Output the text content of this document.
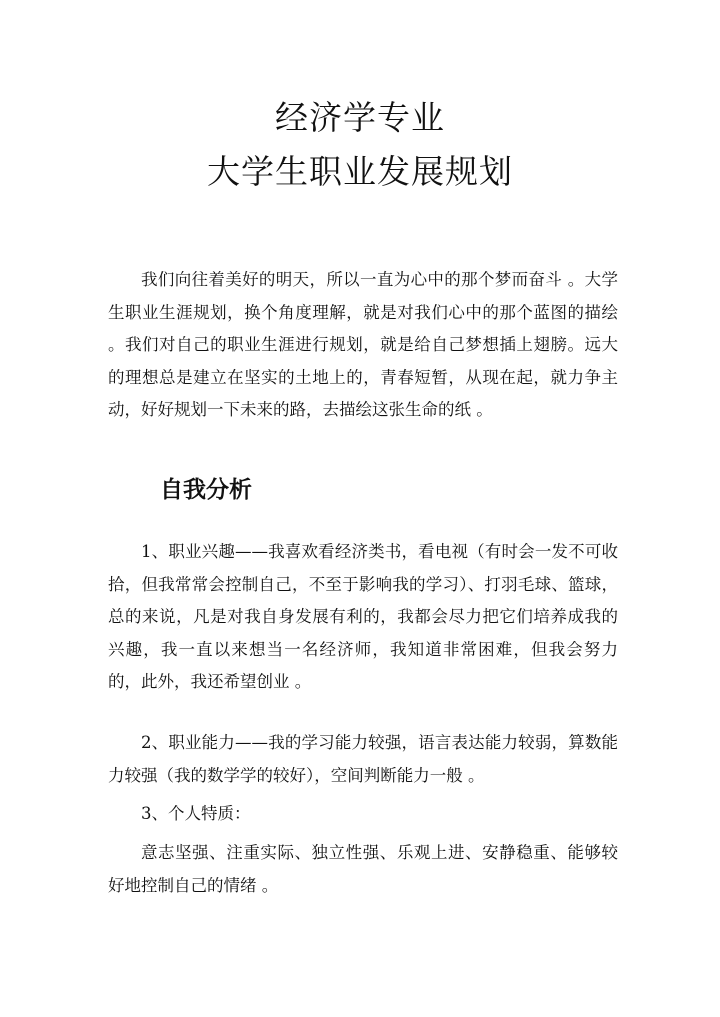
经济学专业
大学生职业发展规划

我们向往着美好的明天，所以一直为心中的那个梦而奋斗 。大学生职业生涯规划，换个角度理解，就是对我们心中的那个蓝图的描绘 。我们对自己的职业生涯进行规划，就是给自己梦想插上翅膀。远大的理想总是建立在坚实的土地上的，青春短暂，从现在起，就力争主动，好好规划一下未来的路，去描绘这张生命的纸 。

自我分析

1、职业兴趣——我喜欢看经济类书，看电视（有时会一发不可收拾，但我常常会控制自己，不至于影响我的学习）、打羽毛球、篮球，总的来说，凡是对我自身发展有利的，我都会尽力把它们培养成我的兴趣，我一直以来想当一名经济师，我知道非常困难，但我会努力的，此外，我还希望创业 。

2、职业能力——我的学习能力较强，语言表达能力较弱，算数能力较强（我的数学学的较好），空间判断能力一般 。

3、个人特质：

意志坚强、注重实际、独立性强、乐观上进、安静稳重、能够较好地控制自己的情绪 。
